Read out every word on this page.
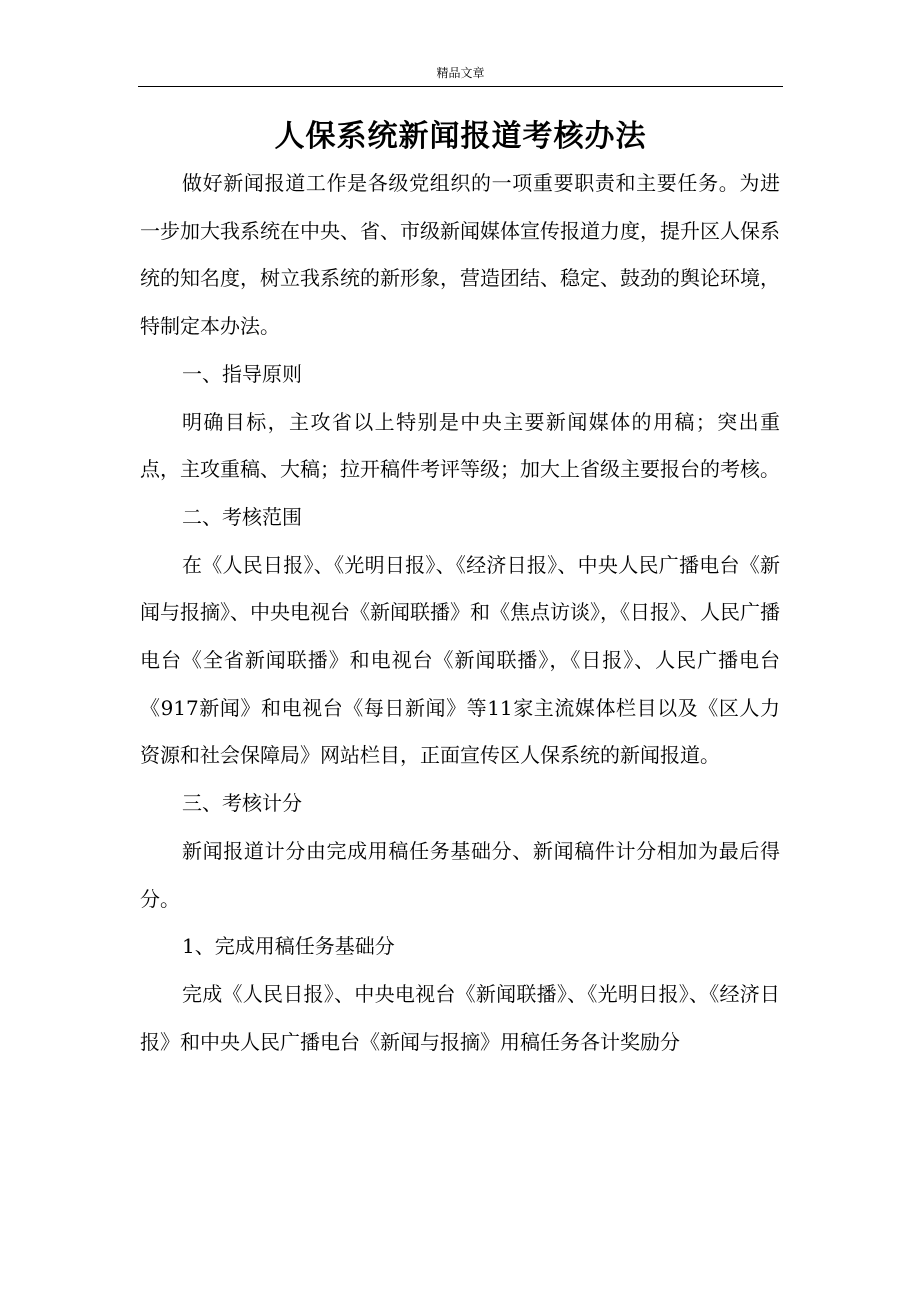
精品文章
人保系统新闻报道考核办法

做好新闻报道工作是各级党组织的一项重要职责和主要任务。为进一步加大我系统在中央、省、市级新闻媒体宣传报道力度，提升区人保系统的知名度，树立我系统的新形象，营造团结、稳定、鼓劲的舆论环境，特制定本办法。

一、指导原则

明确目标，主攻省以上特别是中央主要新闻媒体的用稿；突出重点，主攻重稿、大稿；拉开稿件考评等级；加大上省级主要报台的考核。

二、考核范围

在《人民日报》、《光明日报》、《经济日报》、中央人民广播电台《新闻与报摘》、中央电视台《新闻联播》和《焦点访谈》，《日报》、人民广播电台《全省新闻联播》和电视台《新闻联播》，《日报》、人民广播电台《917新闻》和电视台《每日新闻》等11家主流媒体栏目以及《区人力资源和社会保障局》网站栏目，正面宣传区人保系统的新闻报道。

三、考核计分

新闻报道计分由完成用稿任务基础分、新闻稿件计分相加为最后得分。

1、完成用稿任务基础分

完成《人民日报》、中央电视台《新闻联播》、《光明日报》、《经济日报》和中央人民广播电台《新闻与报摘》用稿任务各计奖励分
